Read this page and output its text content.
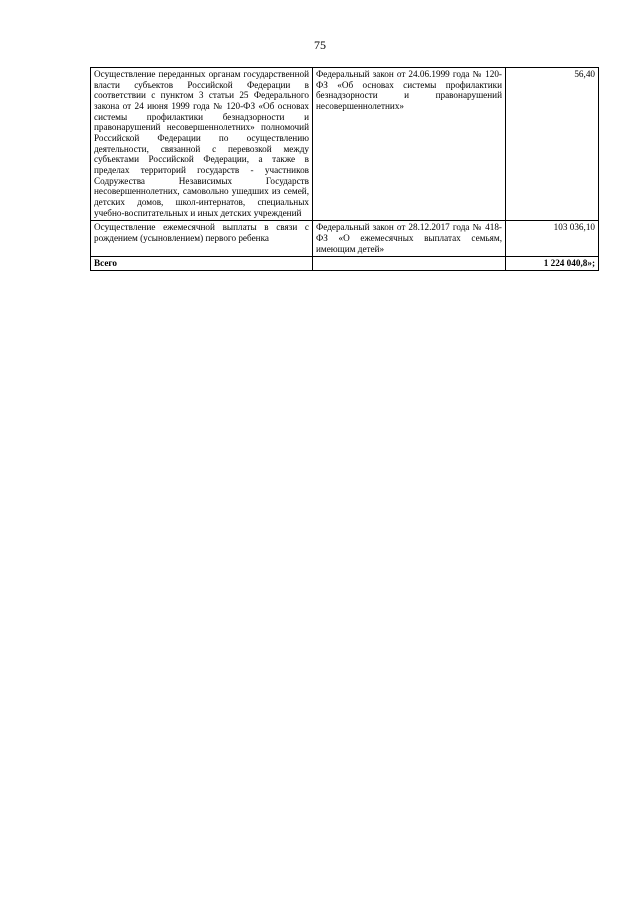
75
Осуществление переданных органам государственной власти субъектов Российской Федерации в соответствии с пунктом 3 статьи 25 Федерального закона от 24 июня 1999 года № 120-ФЗ «Об основах системы профилактики безнадзорности и правонарушений несовершеннолетних» полномочий Российской Федерации по осуществлению деятельности, связанной с перевозкой между субъектами Российской Федерации, а также в пределах территорий государств - участников Содружества Независимых Государств несовершеннолетних, самовольно ушедших из семей, детских домов, школ-интернатов, специальных учебно-воспитательных и иных детских учреждений	Федеральный закон от 24.06.1999 года № 120-ФЗ «Об основах системы профилактики безнадзорности и правонарушений несовершеннолетних»	56,40
Осуществление ежемесячной выплаты в связи с рождением (усыновлением) первого ребенка	Федеральный закон от 28.12.2017 года № 418-ФЗ «О ежемесячных выплатах семьям, имеющим детей»	103 036,10
Всего		1 224 040,8»;
